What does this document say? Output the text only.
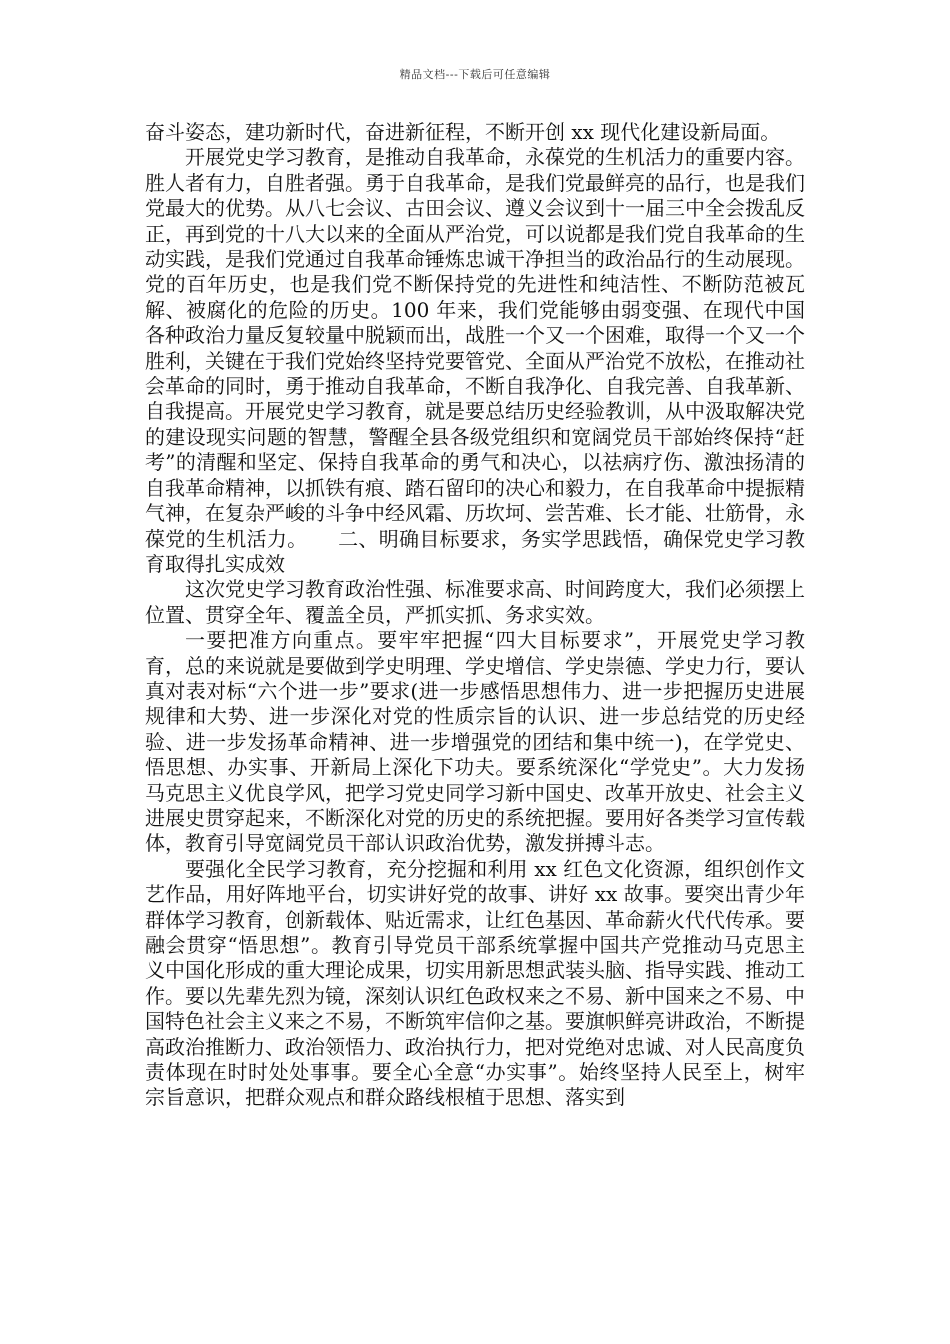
精品文档---下载后可任意编辑

奋斗姿态，建功新时代，奋进新征程，不断开创 xx 现代化建设新局面。

开展党史学习教育，是推动自我革命，永葆党的生机活力的重要内容。胜人者有力，自胜者强。勇于自我革命，是我们党最鲜亮的品行，也是我们党最大的优势。从八七会议、古田会议、遵义会议到十一届三中全会拨乱反正，再到党的十八大以来的全面从严治党，可以说都是我们党自我革命的生动实践，是我们党通过自我革命锤炼忠诚干净担当的政治品行的生动展现。党的百年历史，也是我们党不断保持党的先进性和纯洁性、不断防范被瓦解、被腐化的危险的历史。100 年来，我们党能够由弱变强、在现代中国各种政治力量反复较量中脱颖而出，战胜一个又一个困难，取得一个又一个胜利，关键在于我们党始终坚持党要管党、全面从严治党不放松，在推动社会革命的同时，勇于推动自我革命，不断自我净化、自我完善、自我革新、自我提高。开展党史学习教育，就是要总结历史经验教训，从中汲取解决党的建设现实问题的智慧，警醒全县各级党组织和宽阔党员干部始终保持“赶考”的清醒和坚定、保持自我革命的勇气和决心，以祛病疗伤、激浊扬清的自我革命精神，以抓铁有痕、踏石留印的决心和毅力，在自我革命中提振精气神，在复杂严峻的斗争中经风霜、历坎坷、尝苦难、长才能、壮筋骨，永葆党的生机活力。　　二、明确目标要求，务实学思践悟，确保党史学习教育取得扎实成效

这次党史学习教育政治性强、标准要求高、时间跨度大，我们必须摆上位置、贯穿全年、覆盖全员，严抓实抓、务求实效。

一要把准方向重点。要牢牢把握“四大目标要求”，开展党史学习教育，总的来说就是要做到学史明理、学史增信、学史崇德、学史力行，要认真对表对标“六个进一步”要求(进一步感悟思想伟力、进一步把握历史进展规律和大势、进一步深化对党的性质宗旨的认识、进一步总结党的历史经验、进一步发扬革命精神、进一步增强党的团结和集中统一)，在学党史、悟思想、办实事、开新局上深化下功夫。要系统深化“学党史”。大力发扬马克思主义优良学风，把学习党史同学习新中国史、改革开放史、社会主义进展史贯穿起来，不断深化对党的历史的系统把握。要用好各类学习宣传载体，教育引导宽阔党员干部认识政治优势，激发拼搏斗志。

要强化全民学习教育，充分挖掘和利用 xx 红色文化资源，组织创作文艺作品，用好阵地平台，切实讲好党的故事、讲好 xx 故事。要突出青少年群体学习教育，创新载体、贴近需求，让红色基因、革命薪火代代传承。要融会贯穿“悟思想”。教育引导党员干部系统掌握中国共产党推动马克思主义中国化形成的重大理论成果，切实用新思想武装头脑、指导实践、推动工作。要以先辈先烈为镜，深刻认识红色政权来之不易、新中国来之不易、中国特色社会主义来之不易，不断筑牢信仰之基。要旗帜鲜亮讲政治，不断提高政治推断力、政治领悟力、政治执行力，把对党绝对忠诚、对人民高度负责体现在时时处处事事。要全心全意“办实事”。始终坚持人民至上，树牢宗旨意识，把群众观点和群众路线根植于思想、落实到
